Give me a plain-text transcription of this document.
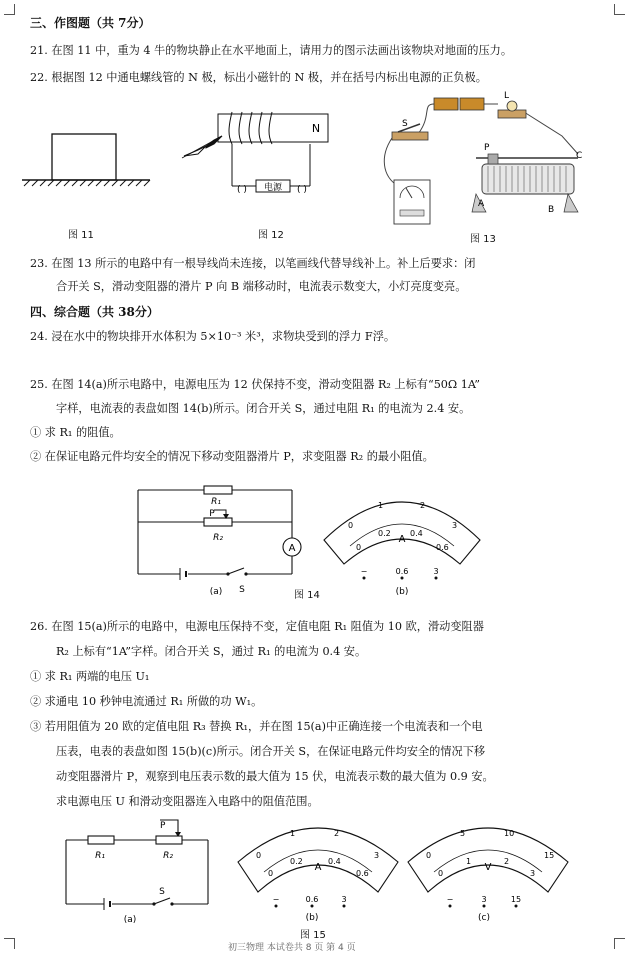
三、作图题（共 7分）
21. 在图 11 中，重为 4 牛的物块静止在水平地面上，请用力的图示法画出该物块对地面的压力。
22. 根据图 12 中通电螺线管的 N 极，标出小磁针的 N 极，并在括号内标出电源的正负极。
图 11
N
电源
( )	( )
图 12
S
L
C
P
A
B
图 13
23. 在图 13 所示的电路中有一根导线尚未连接，以笔画线代替导线补上。补上后要求：闭
合开关 S，滑动变阻器的滑片 P 向 B 端移动时，电流表示数变大，小灯亮度变亮。
四、综合题（共 38分）
24. 浸在水中的物块排开水体积为 5×10⁻³ 米³，求物块受到的浮力 F浮。
25. 在图 14(a)所示电路中，电源电压为 12 伏保持不变，滑动变阻器 R₂ 上标有“50Ω 1A”
字样，电流表的表盘如图 14(b)所示。闭合开关 S，通过电阻 R₁ 的电流为 2.4 安。
① 求 R₁ 的阻值。
② 在保证电路元件均安全的情况下移动变阻器滑片 P，求变阻器 R₂ 的最小阻值。
R₁
P
R₂
A
S
(a)	图 14
0
1	2
3
0
0.2 0.4
0.6
A
−	0.6	3
(b)
26. 在图 15(a)所示的电路中，电源电压保持不变，定值电阻 R₁ 阻值为 10 欧，滑动变阻器
R₂ 上标有“1A”字样。闭合开关 S，通过 R₁ 的电流为 0.4 安。
① 求 R₁ 两端的电压 U₁
② 求通电 10 秒钟电流通过 R₁ 所做的功 W₁。
③ 若用阻值为 20 欧的定值电阻 R₃ 替换 R₁，并在图 15(a)中正确连接一个电流表和一个电
压表，电表的表盘如图 15(b)(c)所示。闭合开关 S，在保证电路元件均安全的情况下移
动变阻器滑片 P，观察到电压表示数的最大值为 15 伏，电流表示数的最大值为 0.9 安。
求电源电压 U 和滑动变阻器连入电路中的阻值范围。
P
R₁	R₂
S
(a)
0
1	2
3
0
0.2	0.4
0.6
A
−	0.6	3
(b)
0
5	10
15
0
1	2
3
V
−	3	15
(c)
图 15
初三物理 本试卷共 8 页 第 4 页
